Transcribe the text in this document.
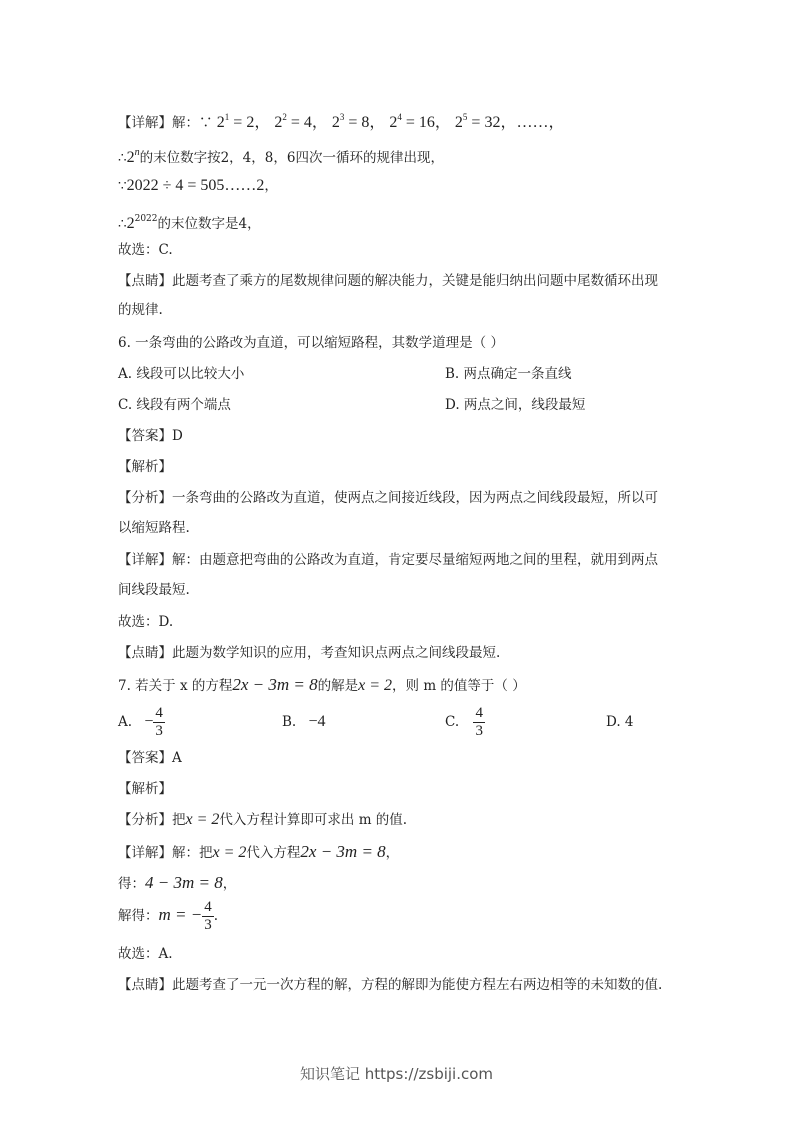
【详解】解：∵ $2^1 = 2$， $2^2 = 4$， $2^3 = 8$， $2^4 = 16$， $2^5 = 32$，……，
∴2$^n$的末位数字按2，4，8，6四次一循环的规律出现，
∵2022 ÷ 4 = 505……2，
$\therefore 2^{2022}$的末位数字是4，
故选：C.
【点睛】此题考查了乘方的尾数规律问题的解决能力，关键是能归纳出问题中尾数循环出现
的规律.
6. 一条弯曲的公路改为直道，可以缩短路程，其数学道理是（ ）
A. 线段可以比较大小	B. 两点确定一条直线
C. 线段有两个端点	D. 两点之间，线段最短
【答案】D
【解析】
【分析】一条弯曲的公路改为直道，使两点之间接近线段，因为两点之间线段最短，所以可
以缩短路程.
【详解】解：由题意把弯曲的公路改为直道，肯定要尽量缩短两地之间的里程，就用到两点
间线段最短.
故选：D.
【点睛】此题为数学知识的应用，考查知识点两点之间线段最短.
7. 若关于 x 的方程2x − 3m = 8的解是x = 2，则 m 的值等于（ ）
A. − $\frac{4}{3}$	B. −4	C. $\frac{4}{3}$	D. 4
【答案】A
【解析】
【分析】把x = 2代入方程计算即可求出 m 的值.
【详解】解：把x = 2代入方程2x − 3m = 8，
得：4 − 3m = 8，
解得：m = − $\frac{4}{3}$ .
故选：A.
【点睛】此题考查了一元一次方程的解，方程的解即为能使方程左右两边相等的未知数的值.
知识笔记 https://zsbiji.com
